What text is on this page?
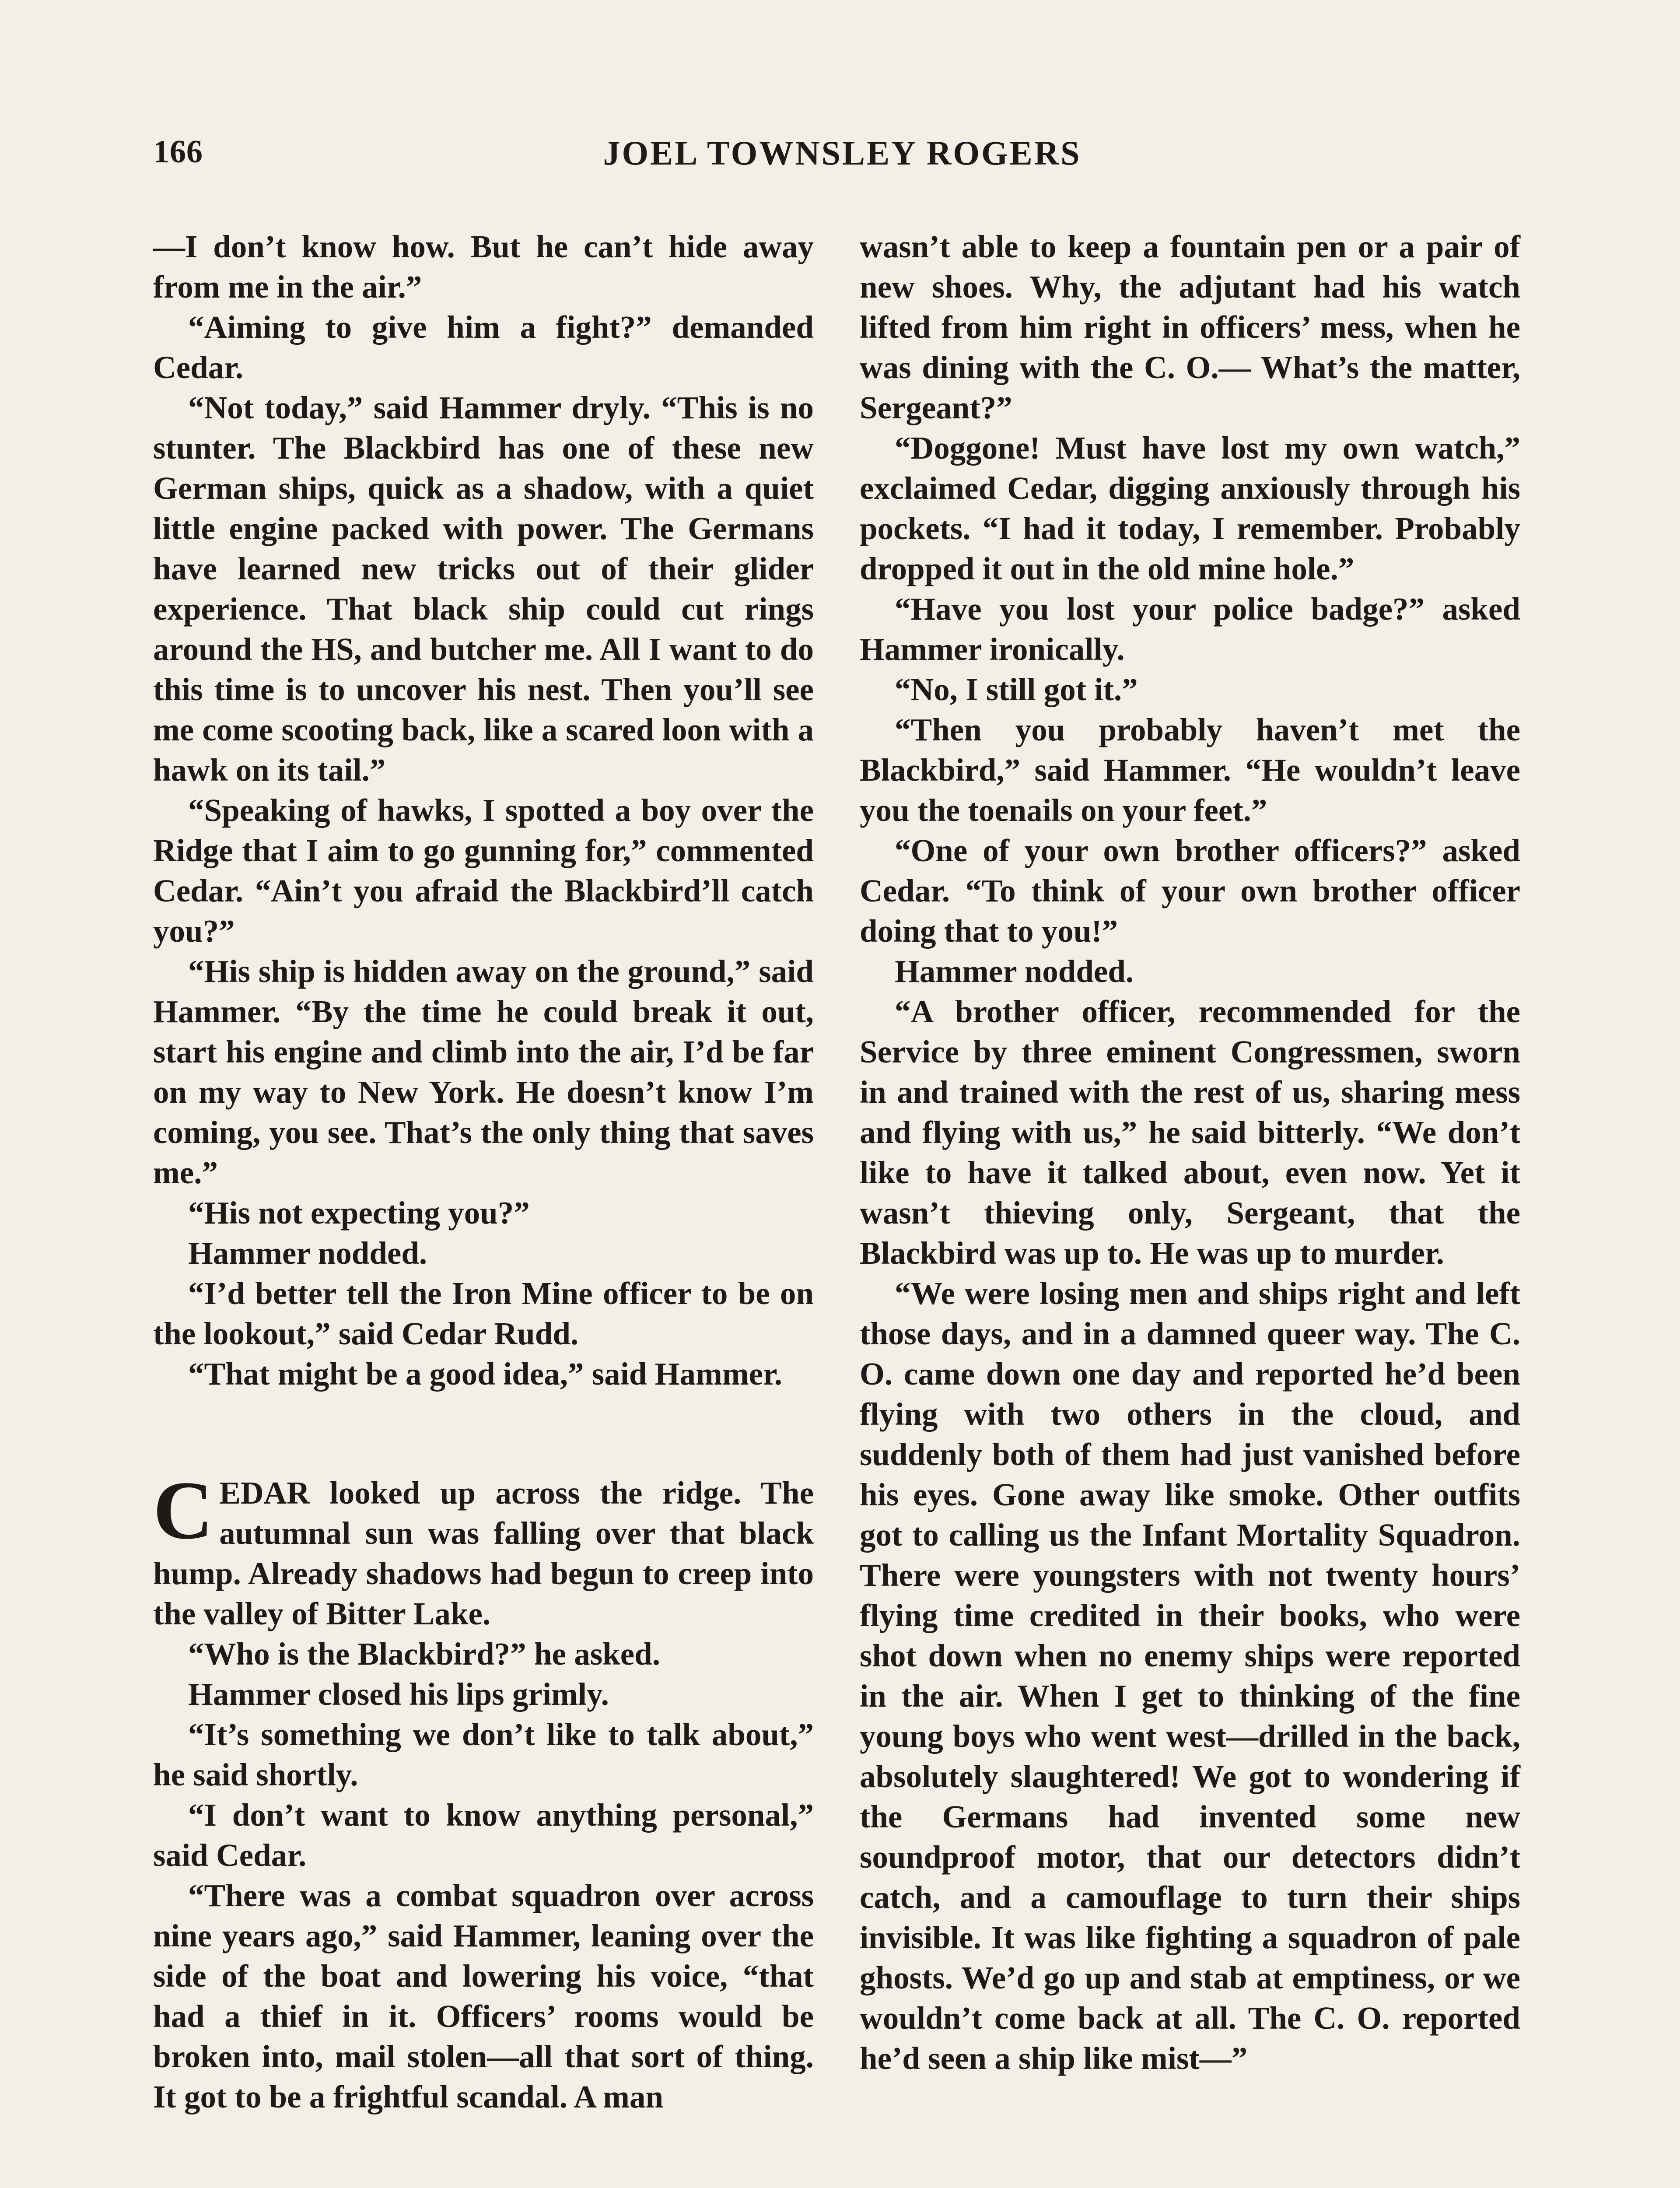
166	JOEL TOWNSLEY ROGERS

—I don’t know how. But he can’t hide away from me in the air.”

“Aiming to give him a fight?” demanded Cedar.

“Not today,” said Hammer dryly. “This is no stunter. The Blackbird has one of these new German ships, quick as a shadow, with a quiet little engine packed with power. The Germans have learned new tricks out of their glider experience. That black ship could cut rings around the HS, and butcher me. All I want to do this time is to uncover his nest. Then you’ll see me come scooting back, like a scared loon with a hawk on its tail.”

“Speaking of hawks, I spotted a boy over the Ridge that I aim to go gunning for,” commented Cedar. “Ain’t you afraid the Blackbird’ll catch you?”

“His ship is hidden away on the ground,” said Hammer. “By the time he could break it out, start his engine and climb into the air, I’d be far on my way to New York. He doesn’t know I’m coming, you see. That’s the only thing that saves me.”

“His not expecting you?”

Hammer nodded.

“I’d better tell the Iron Mine officer to be on the lookout,” said Cedar Rudd.

“That might be a good idea,” said Hammer.

CEDAR looked up across the ridge. The autumnal sun was falling over that black hump. Already shadows had begun to creep into the valley of Bitter Lake.

“Who is the Blackbird?” he asked.

Hammer closed his lips grimly.

“It’s something we don’t like to talk about,” he said shortly.

“I don’t want to know anything personal,” said Cedar.

“There was a combat squadron over across nine years ago,” said Hammer, leaning over the side of the boat and lowering his voice, “that had a thief in it. Officers’ rooms would be broken into, mail stolen—all that sort of thing. It got to be a frightful scandal. A man

wasn’t able to keep a fountain pen or a pair of new shoes. Why, the adjutant had his watch lifted from him right in officers’ mess, when he was dining with the C. O.— What’s the matter, Sergeant?”

“Doggone! Must have lost my own watch,” exclaimed Cedar, digging anxiously through his pockets. “I had it today, I remember. Probably dropped it out in the old mine hole.”

“Have you lost your police badge?” asked Hammer ironically.

“No, I still got it.”

“Then you probably haven’t met the Blackbird,” said Hammer. “He wouldn’t leave you the toenails on your feet.”

“One of your own brother officers?” asked Cedar. “To think of your own brother officer doing that to you!”

Hammer nodded.

“A brother officer, recommended for the Service by three eminent Congressmen, sworn in and trained with the rest of us, sharing mess and flying with us,” he said bitterly. “We don’t like to have it talked about, even now. Yet it wasn’t thieving only, Sergeant, that the Blackbird was up to. He was up to murder.

“We were losing men and ships right and left those days, and in a damned queer way. The C. O. came down one day and reported he’d been flying with two others in the cloud, and suddenly both of them had just vanished before his eyes. Gone away like smoke. Other outfits got to calling us the Infant Mortality Squadron. There were youngsters with not twenty hours’ flying time credited in their books, who were shot down when no enemy ships were reported in the air. When I get to thinking of the fine young boys who went west—drilled in the back, absolutely slaughtered! We got to wondering if the Germans had invented some new soundproof motor, that our detectors didn’t catch, and a camouflage to turn their ships invisible. It was like fighting a squadron of pale ghosts. We’d go up and stab at emptiness, or we wouldn’t come back at all. The C. O. reported he’d seen a ship like mist—”
